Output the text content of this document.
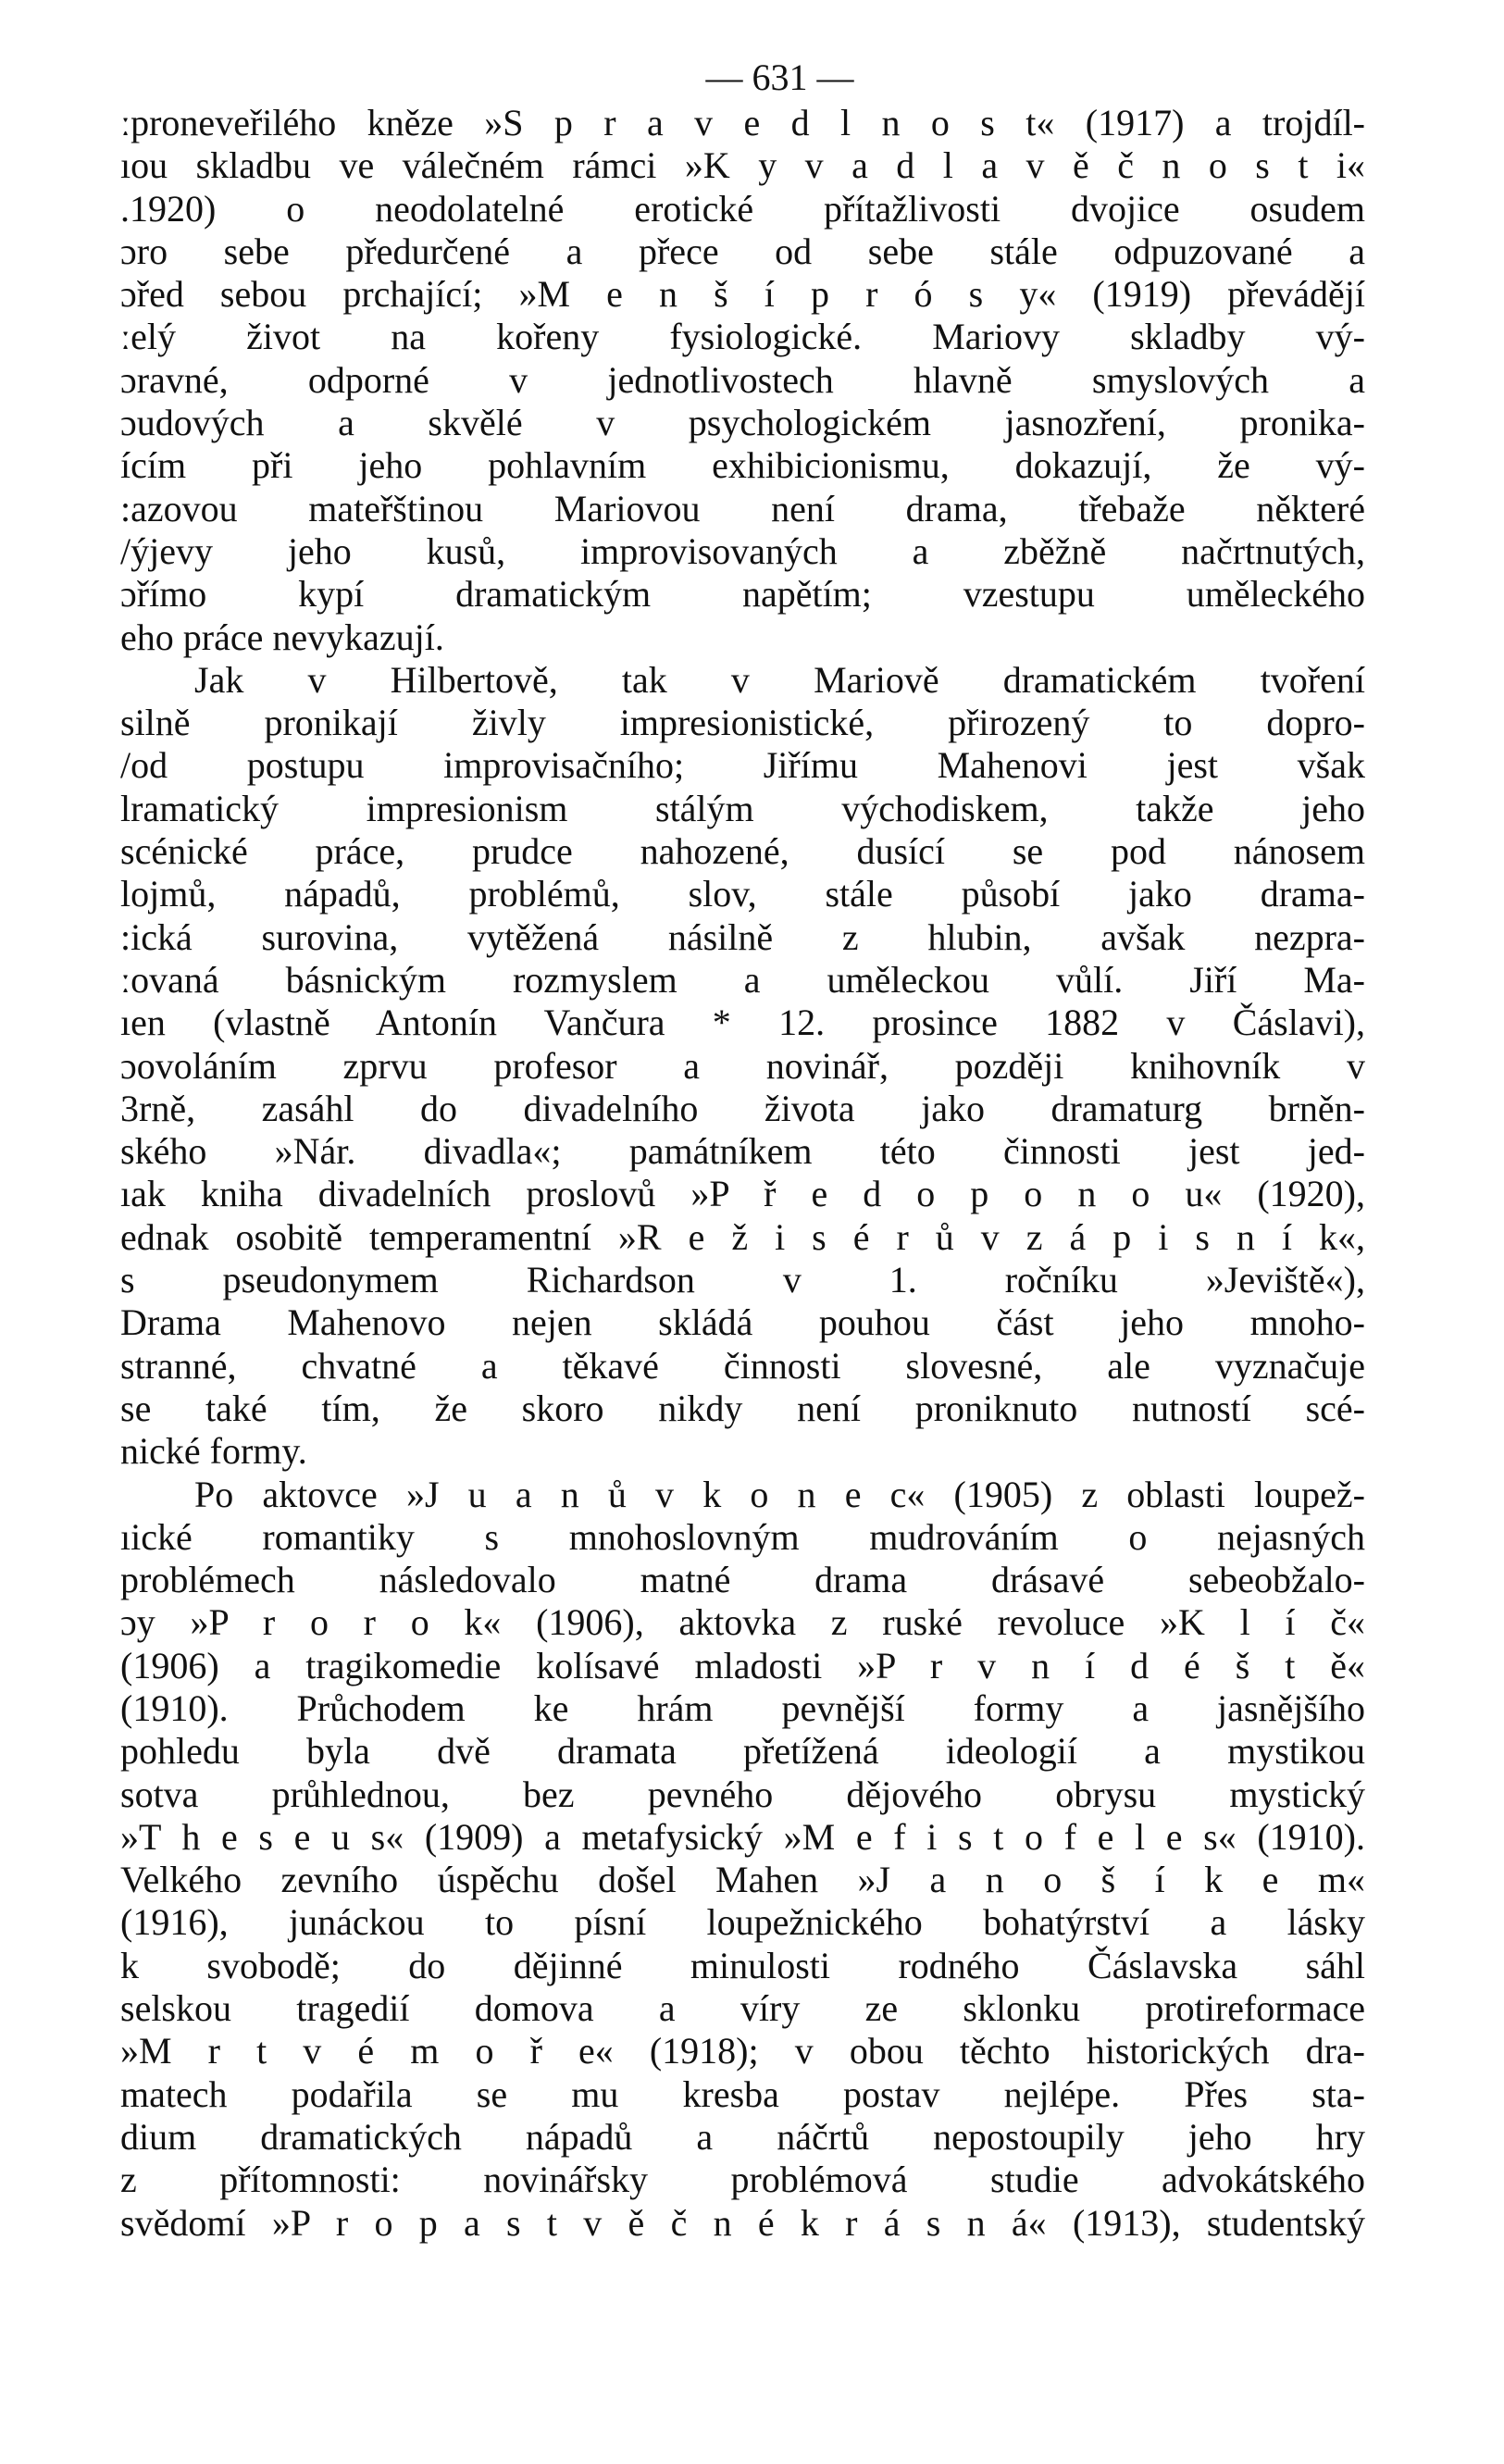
— 631 —
ːproneveřilého kněze »S p r a v e d l n o s t« (1917) a trojdíl-
ıou skladbu ve válečném rámci »K y v a d l a v ě č n o s t i«
.1920) o neodolatelné erotické přítažlivosti dvojice osudem
ɔro sebe předurčené a přece od sebe stále odpuzované a
ɔřed sebou prchající; »M e n š í p r ó s y« (1919) převádějí
ːelý život na kořeny fysiologické. Mariovy skladby vý-
ɔravné, odporné v jednotlivostech hlavně smyslových a
ɔudových a skvělé v psychologickém jasnozření, pronika-
ícím při jeho pohlavním exhibicionismu, dokazují, že vý-
:azovou mateřštinou Mariovou není drama, třebaže některé
/ýjevy jeho kusů, improvisovaných a zběžně načrtnutých,
ɔřímo kypí dramatickým napětím; vzestupu uměleckého
eho práce nevykazují.
Jak v Hilbertově, tak v Mariově dramatickém tvoření
silně pronikají živly impresionistické, přirozený to dopro-
/od postupu improvisačního; Jiřímu Mahenovi jest však
lramatický impresionism stálým východiskem, takže jeho
scénické práce, prudce nahozené, dusící se pod nánosem
lojmů, nápadů, problémů, slov, stále působí jako drama-
:ická surovina, vytěžená násilně z hlubin, avšak nezpra-
ːovaná básnickým rozmyslem a uměleckou vůlí. Jiří Ma-
ıen (vlastně Antonín Vančura * 12. prosince 1882 v Čáslavi),
ɔovoláním zprvu profesor a novinář, později knihovník v
3rně, zasáhl do divadelního života jako dramaturg brněn-
ského »Nár. divadla«; památníkem této činnosti jest jed-
ıak kniha divadelních proslovů »P ř e d o p o n o u« (1920),
ednak osobitě temperamentní »R e ž i s é r ů v z á p i s n í k«,
s pseudonymem Richardson v 1. ročníku »Jeviště«),
Drama Mahenovo nejen skládá pouhou část jeho mnoho-
stranné, chvatné a těkavé činnosti slovesné, ale vyznačuje
se také tím, že skoro nikdy není proniknuto nutností scé-
nické formy.
Po aktovce »J u a n ů v k o n e c« (1905) z oblasti loupež-
ıické romantiky s mnohoslovným mudrováním o nejasných
problémech následovalo matné drama drásavé sebeobžalo-
ɔy »P r o r o k« (1906), aktovka z ruské revoluce »K l í č«
(1906) a tragikomedie kolísavé mladosti »P r v n í d é š t ě«
(1910). Průchodem ke hrám pevnější formy a jasnějšího
pohledu byla dvě dramata přetížená ideologií a mystikou
sotva průhlednou, bez pevného dějového obrysu mystický
»T h e s e u s« (1909) a metafysický »M e f i s t o f e l e s« (1910).
Velkého zevního úspěchu došel Mahen »J a n o š í k e m«
(1916), junáckou to písní loupežnického bohatýrství a lásky
k svobodě; do dějinné minulosti rodného Čáslavska sáhl
selskou tragedií domova a víry ze sklonku protireformace
»M r t v é m o ř e« (1918); v obou těchto historických dra-
matech podařila se mu kresba postav nejlépe. Přes sta-
dium dramatických nápadů a náčrtů nepostoupily jeho hry
z přítomnosti: novinářsky problémová studie advokátského
svědomí »P r o p a s t v ě č n é k r á s n á« (1913), studentský
